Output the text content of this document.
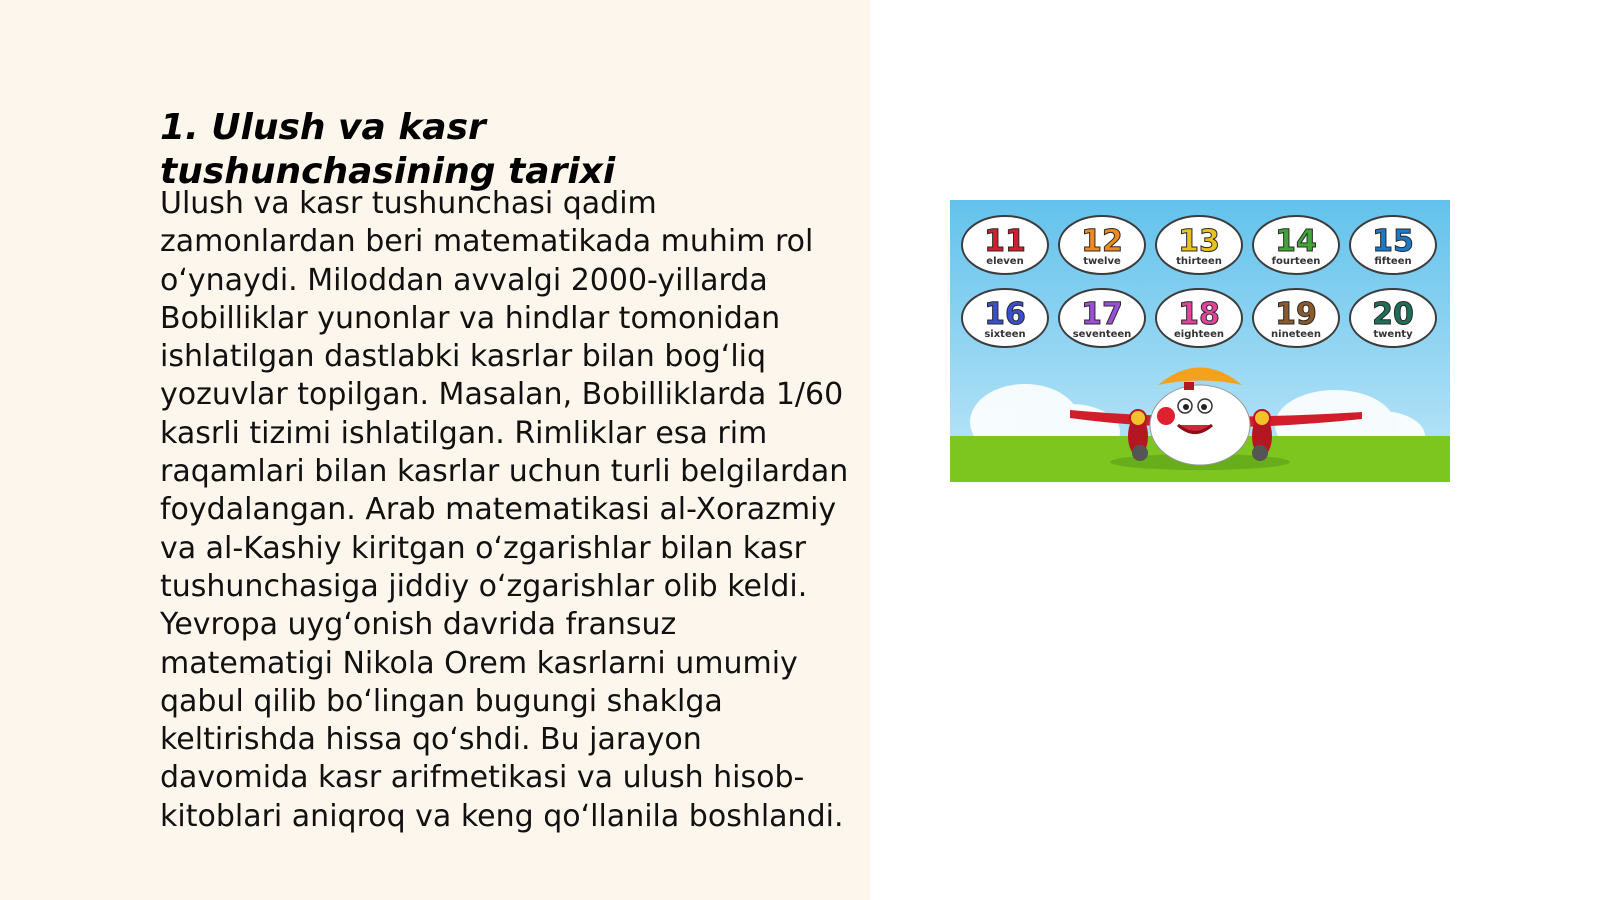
1. Ulush va kasr tushunchasining tarixi

Ulush va kasr tushunchasi qadim zamonlardan beri matematikada muhim rol oʻynaydi. Miloddan avvalgi 2000-yillarda Bobilliklar yunonlar va hindlar tomonidan ishlatilgan dastlabki kasrlar bilan bogʻliq yozuvlar topilgan. Masalan, Bobilliklarda 1/60 kasrli tizimi ishlatilgan. Rimliklar esa rim raqamlari bilan kasrlar uchun turli belgilardan foydalangan. Arab matematikasi al-Xorazmiy va al-Kashiy kiritgan oʻzgarishlar bilan kasr tushunchasiga jiddiy oʻzgarishlar olib keldi. Yevropa uygʻonish davrida fransuz matematigi Nikola Orem kasrlarni umumiy qabul qilib boʻlingan bugungi shaklga keltirishda hissa qoʻshdi. Bu jarayon davomida kasr arifmetikasi va ulush hisob-kitoblari aniqroq va keng qoʻllanila boshlandi.

11
eleven
12
twelve
13
thirteen
14
fourteen
15
fifteen
16
sixteen
17
seventeen
18
eighteen
19
nineteen
20
twenty
